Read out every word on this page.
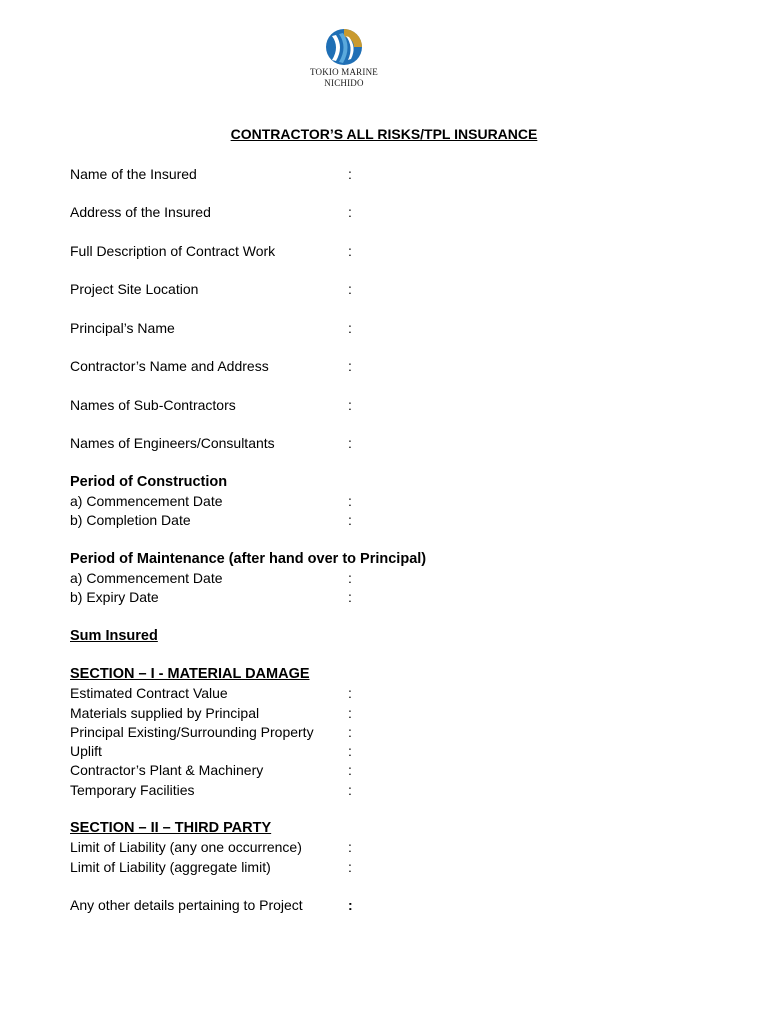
TOKIO MARINE
NICHIDO
CONTRACTOR’S ALL RISKS/TPL INSURANCE
Name of the Insured	:
Address of the Insured	:
Full Description of Contract Work	:
Project Site Location	:
Principal’s Name	:
Contractor’s Name and Address	:
Names of Sub-Contractors	:
Names of Engineers/Consultants	:
Period of Construction
a) Commencement Date	:
b) Completion Date	:
Period of Maintenance (after hand over to Principal)
a) Commencement Date	:
b) Expiry Date	:
Sum Insured
SECTION – I - MATERIAL DAMAGE
Estimated Contract Value	:
Materials supplied by Principal	:
Principal Existing/Surrounding Property :
Uplift	:
Contractor’s Plant & Machinery	:
Temporary Facilities	:
SECTION – II – THIRD PARTY
Limit of Liability (any one occurrence)	:
Limit of Liability (aggregate limit)	:
Any other details pertaining to Project	:
